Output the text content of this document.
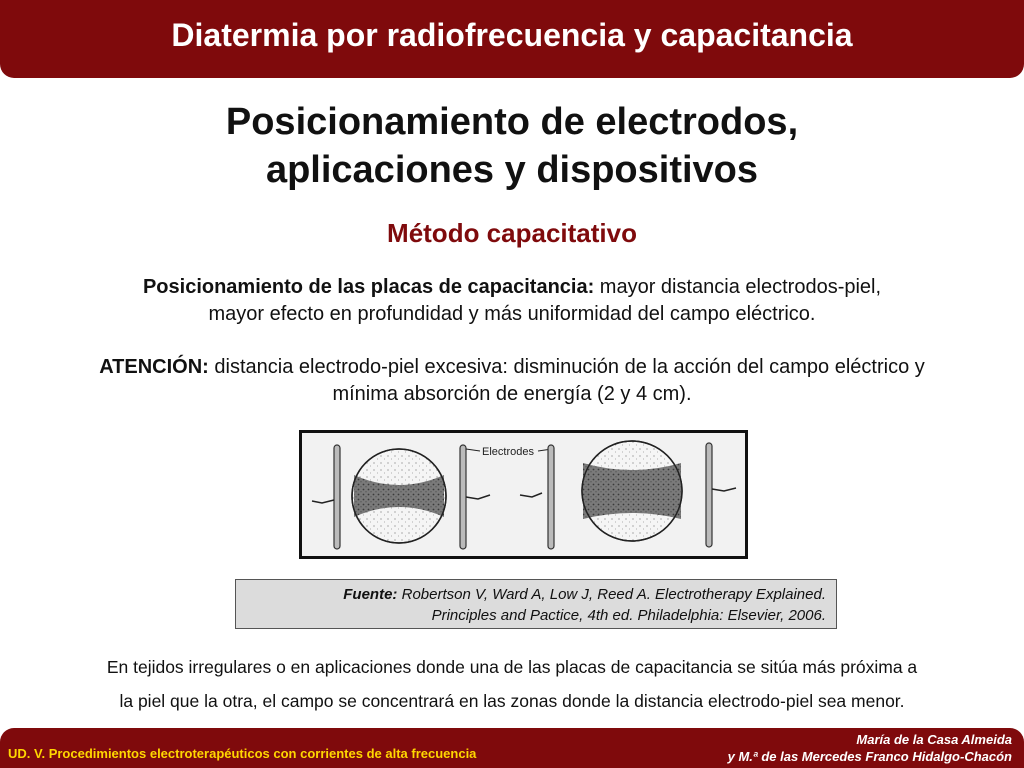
Diatermia por radiofrecuencia y capacitancia
Posicionamiento de electrodos,
aplicaciones y dispositivos
Método capacitativo
Posicionamiento de las placas de capacitancia: mayor distancia electrodos-piel,
mayor efecto en profundidad y más uniformidad del campo eléctrico.
ATENCIÓN: distancia electrodo-piel excesiva: disminución de la acción del campo eléctrico y
mínima absorción de energía (2 y 4 cm).
Electrodes
Fuente: Robertson V, Ward A, Low J, Reed A. Electrotherapy Explained.
Principles and Pactice, 4th ed. Philadelphia: Elsevier, 2006.
En tejidos irregulares o en aplicaciones donde una de las placas de capacitancia se sitúa más próxima a
la piel que la otra, el campo se concentrará en las zonas donde la distancia electrodo-piel sea menor.
UD. V. Procedimientos electroterapéuticos con corrientes de alta frecuencia
María de la Casa Almeida
y M.ª de las Mercedes Franco Hidalgo-Chacón
